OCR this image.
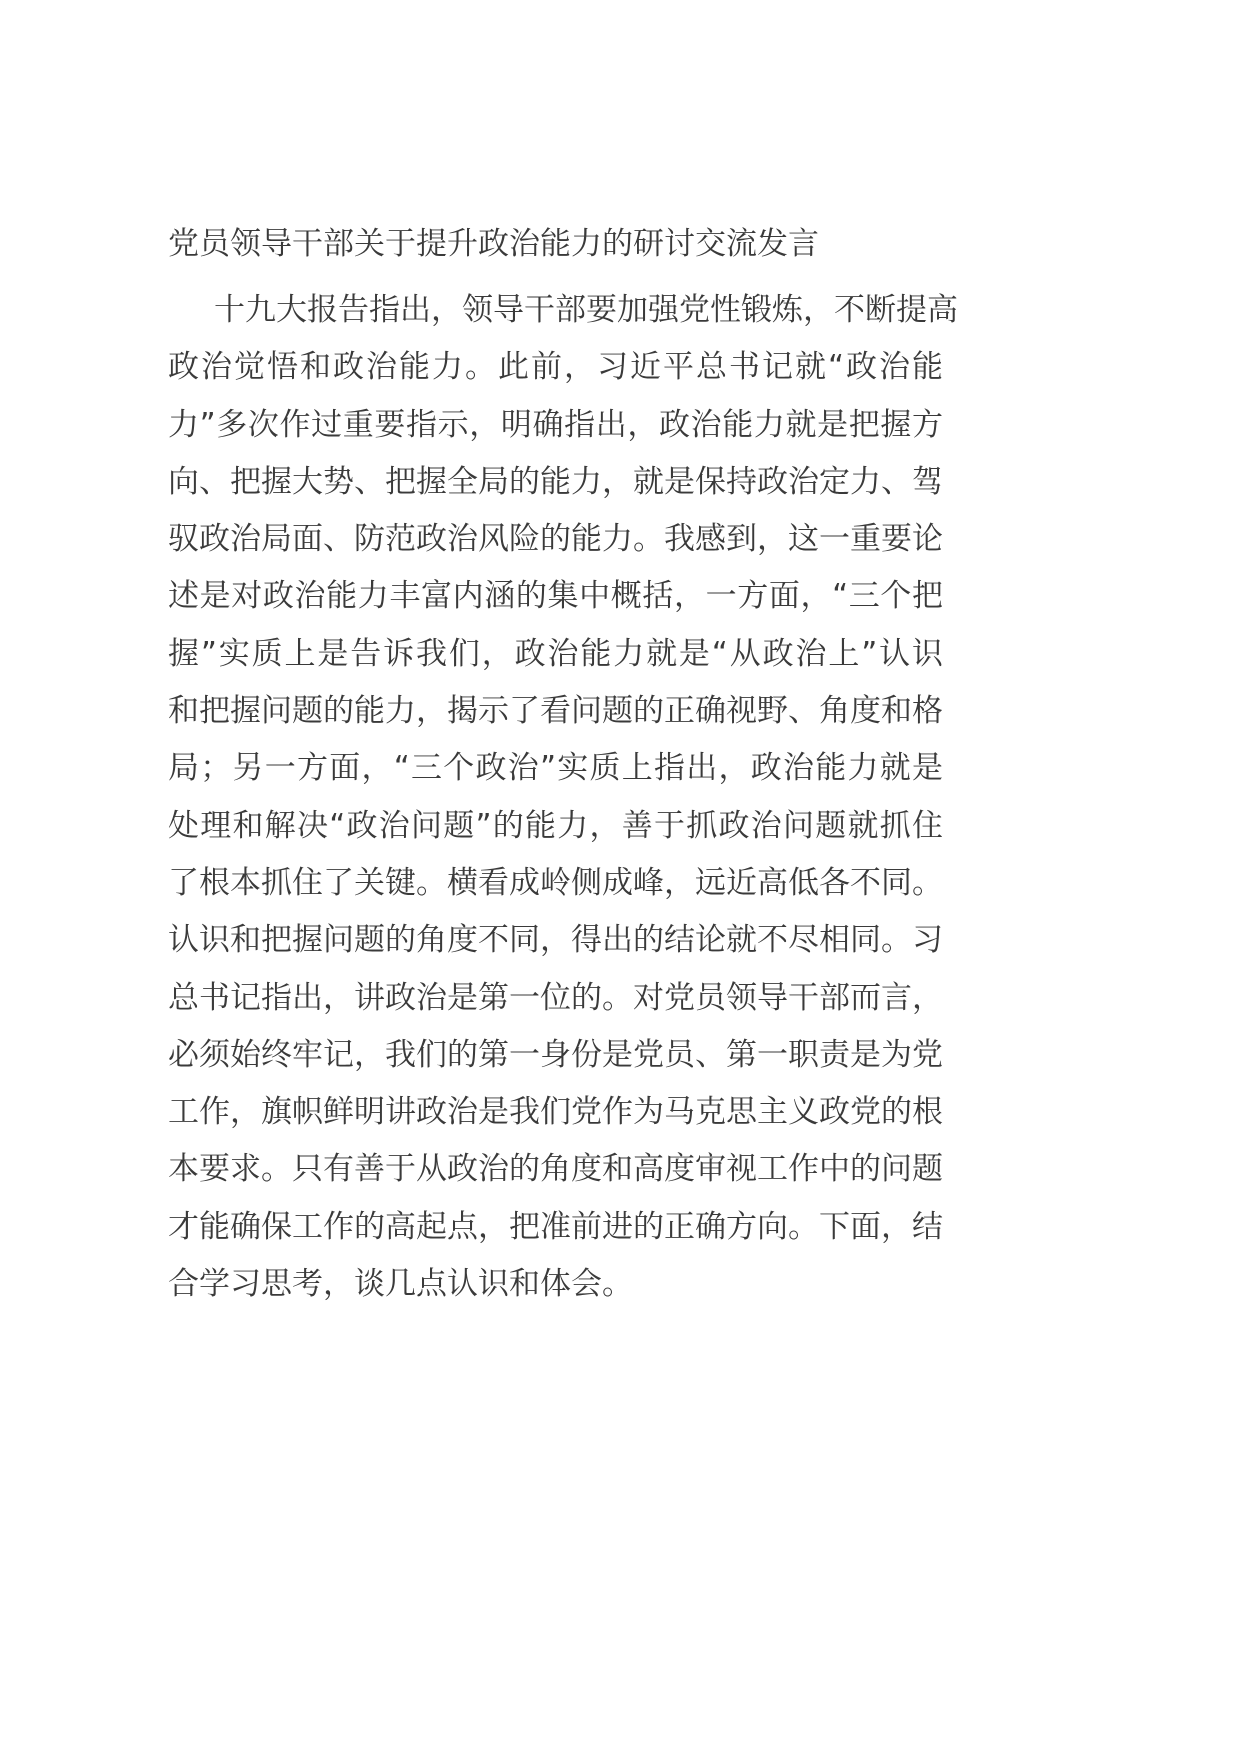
党员领导干部关于提升政治能力的研讨交流发言
十九大报告指出，领导干部要加强党性锻炼，不断提高
政治觉悟和政治能力。此前，习近平总书记就“政治能
力”多次作过重要指示，明确指出，政治能力就是把握方
向、把握大势、把握全局的能力，就是保持政治定力、驾
驭政治局面、防范政治风险的能力。我感到，这一重要论
述是对政治能力丰富内涵的集中概括，一方面，“三个把
握”实质上是告诉我们，政治能力就是“从政治上”认识
和把握问题的能力，揭示了看问题的正确视野、角度和格
局；另一方面，“三个政治”实质上指出，政治能力就是
处理和解决“政治问题”的能力，善于抓政治问题就抓住
了根本抓住了关键。横看成岭侧成峰，远近高低各不同。
认识和把握问题的角度不同，得出的结论就不尽相同。习
总书记指出，讲政治是第一位的。对党员领导干部而言，
必须始终牢记，我们的第一身份是党员、第一职责是为党
工作，旗帜鲜明讲政治是我们党作为马克思主义政党的根
本要求。只有善于从政治的角度和高度审视工作中的问题
才能确保工作的高起点，把准前进的正确方向。下面，结
合学习思考，谈几点认识和体会。
